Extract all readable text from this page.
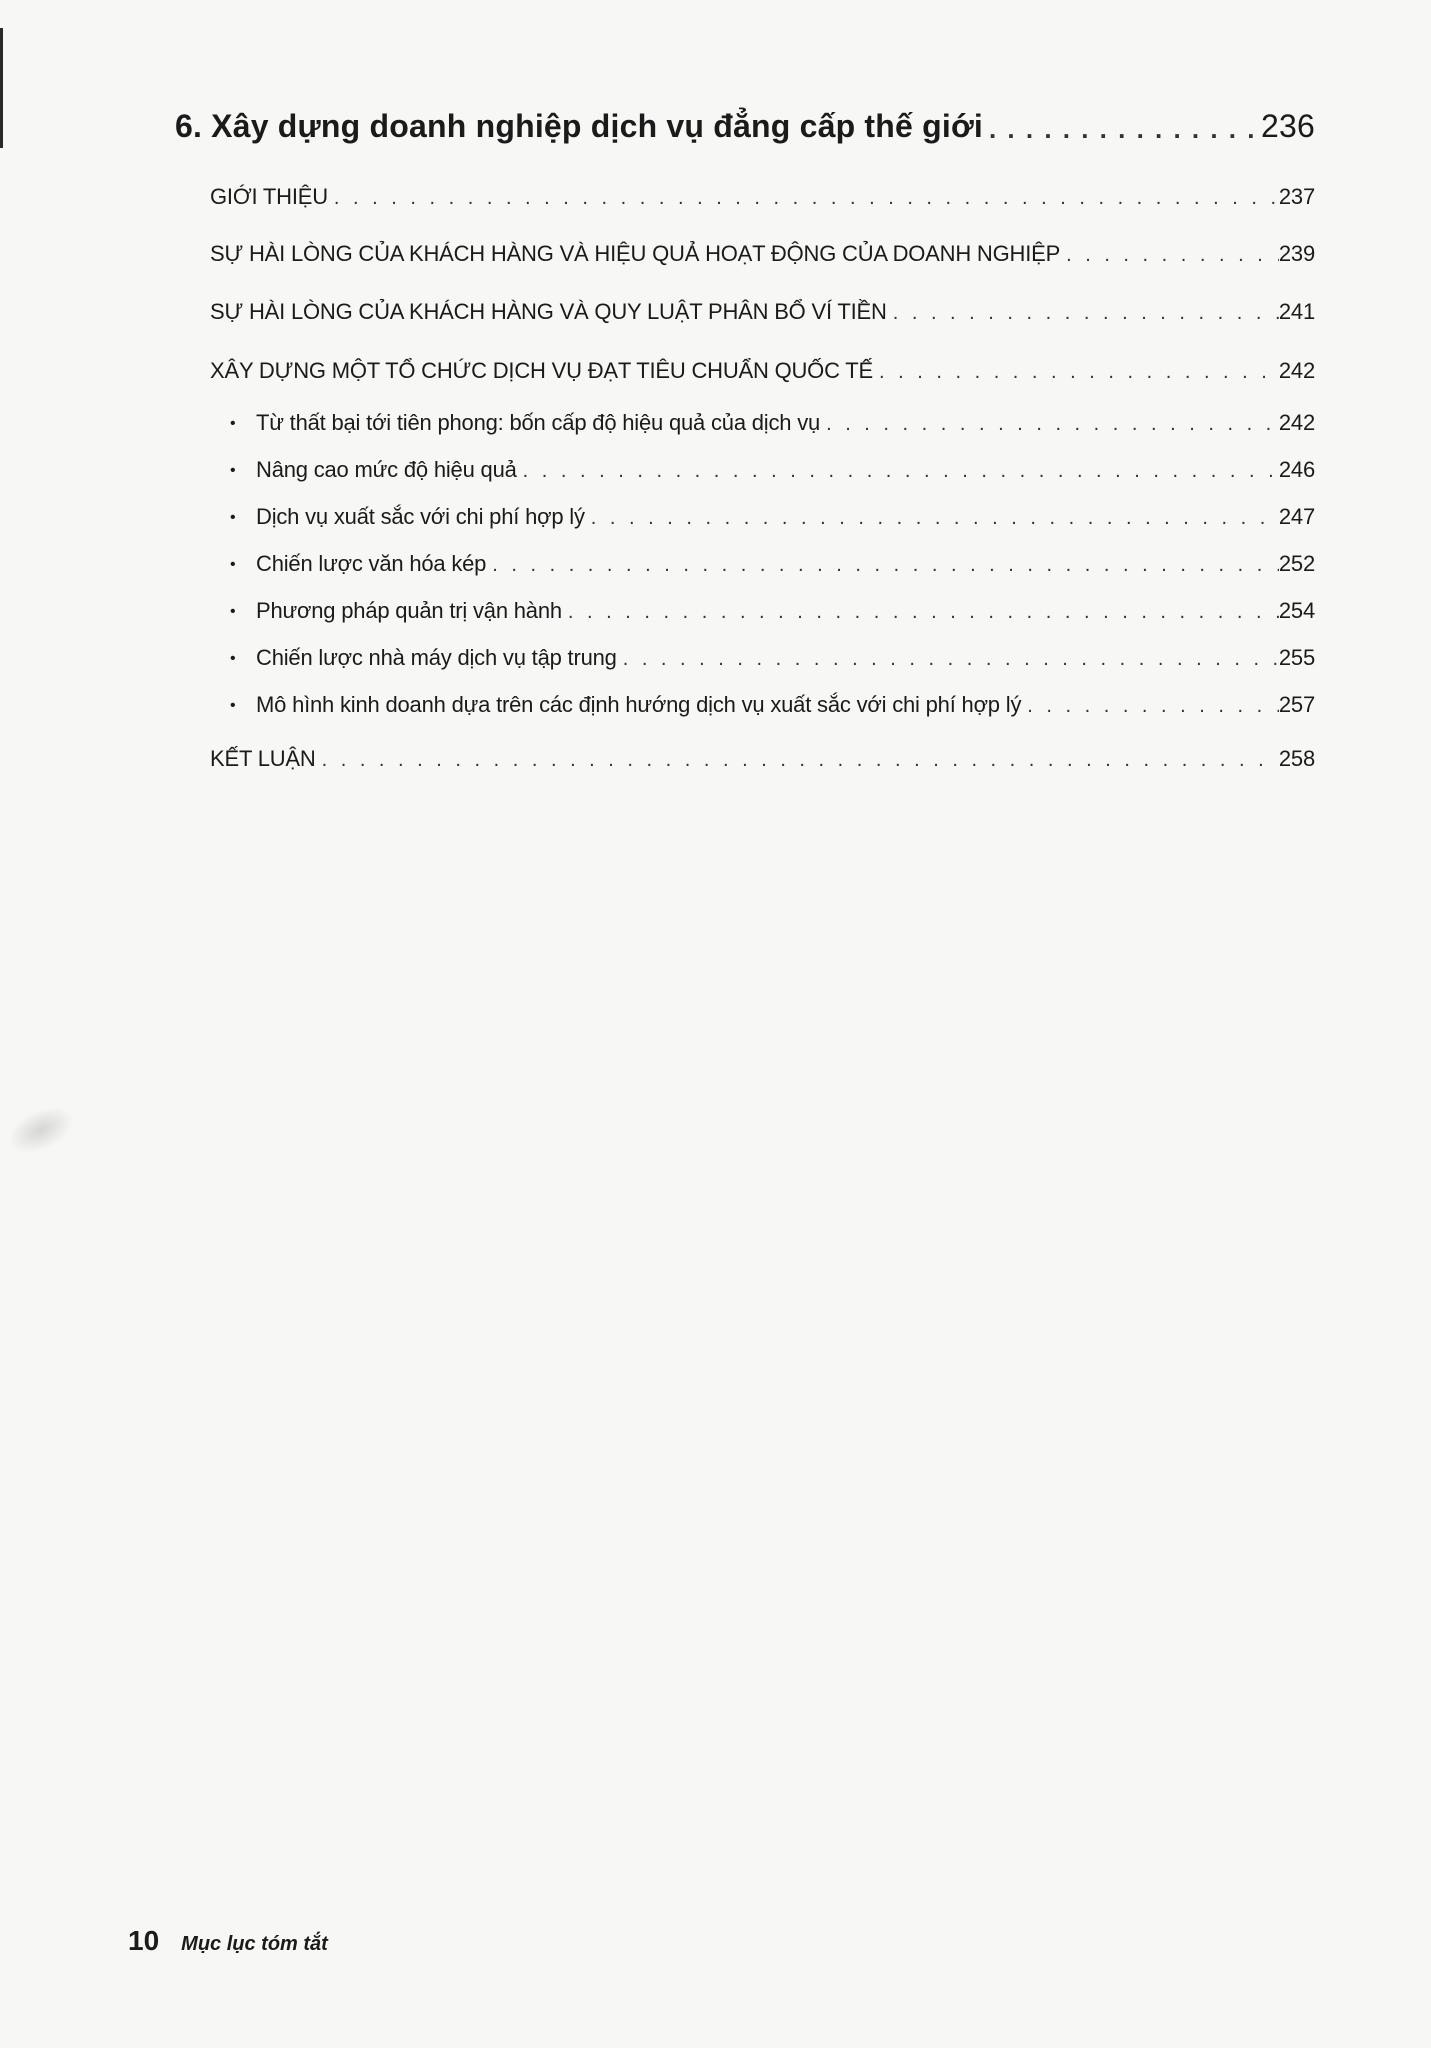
6. Xây dựng doanh nghiệp dịch vụ đẳng cấp thế giới . . .	236
GIỚI THIỆU . . .	237
SỰ HÀI LÒNG CỦA KHÁCH HÀNG VÀ HIỆU QUẢ HOẠT ĐỘNG CỦA DOANH NGHIỆP . . .	239
SỰ HÀI LÒNG CỦA KHÁCH HÀNG VÀ QUY LUẬT PHÂN BỔ VÍ TIỀN . . .	241
XÂY DỰNG MỘT TỔ CHỨC DỊCH VỤ ĐẠT TIÊU CHUẨN QUỐC TẾ . . .	242
• Từ thất bại tới tiên phong: bốn cấp độ hiệu quả của dịch vụ . . .	242
• Nâng cao mức độ hiệu quả . . .	246
• Dịch vụ xuất sắc với chi phí hợp lý . . .	247
• Chiến lược văn hóa kép . . .	252
• Phương pháp quản trị vận hành . . .	254
• Chiến lược nhà máy dịch vụ tập trung . . .	255
• Mô hình kinh doanh dựa trên các định hướng dịch vụ xuất sắc với chi phí hợp lý . . .	257
KẾT LUẬN . . .	258
10 Mục lục tóm tắt
